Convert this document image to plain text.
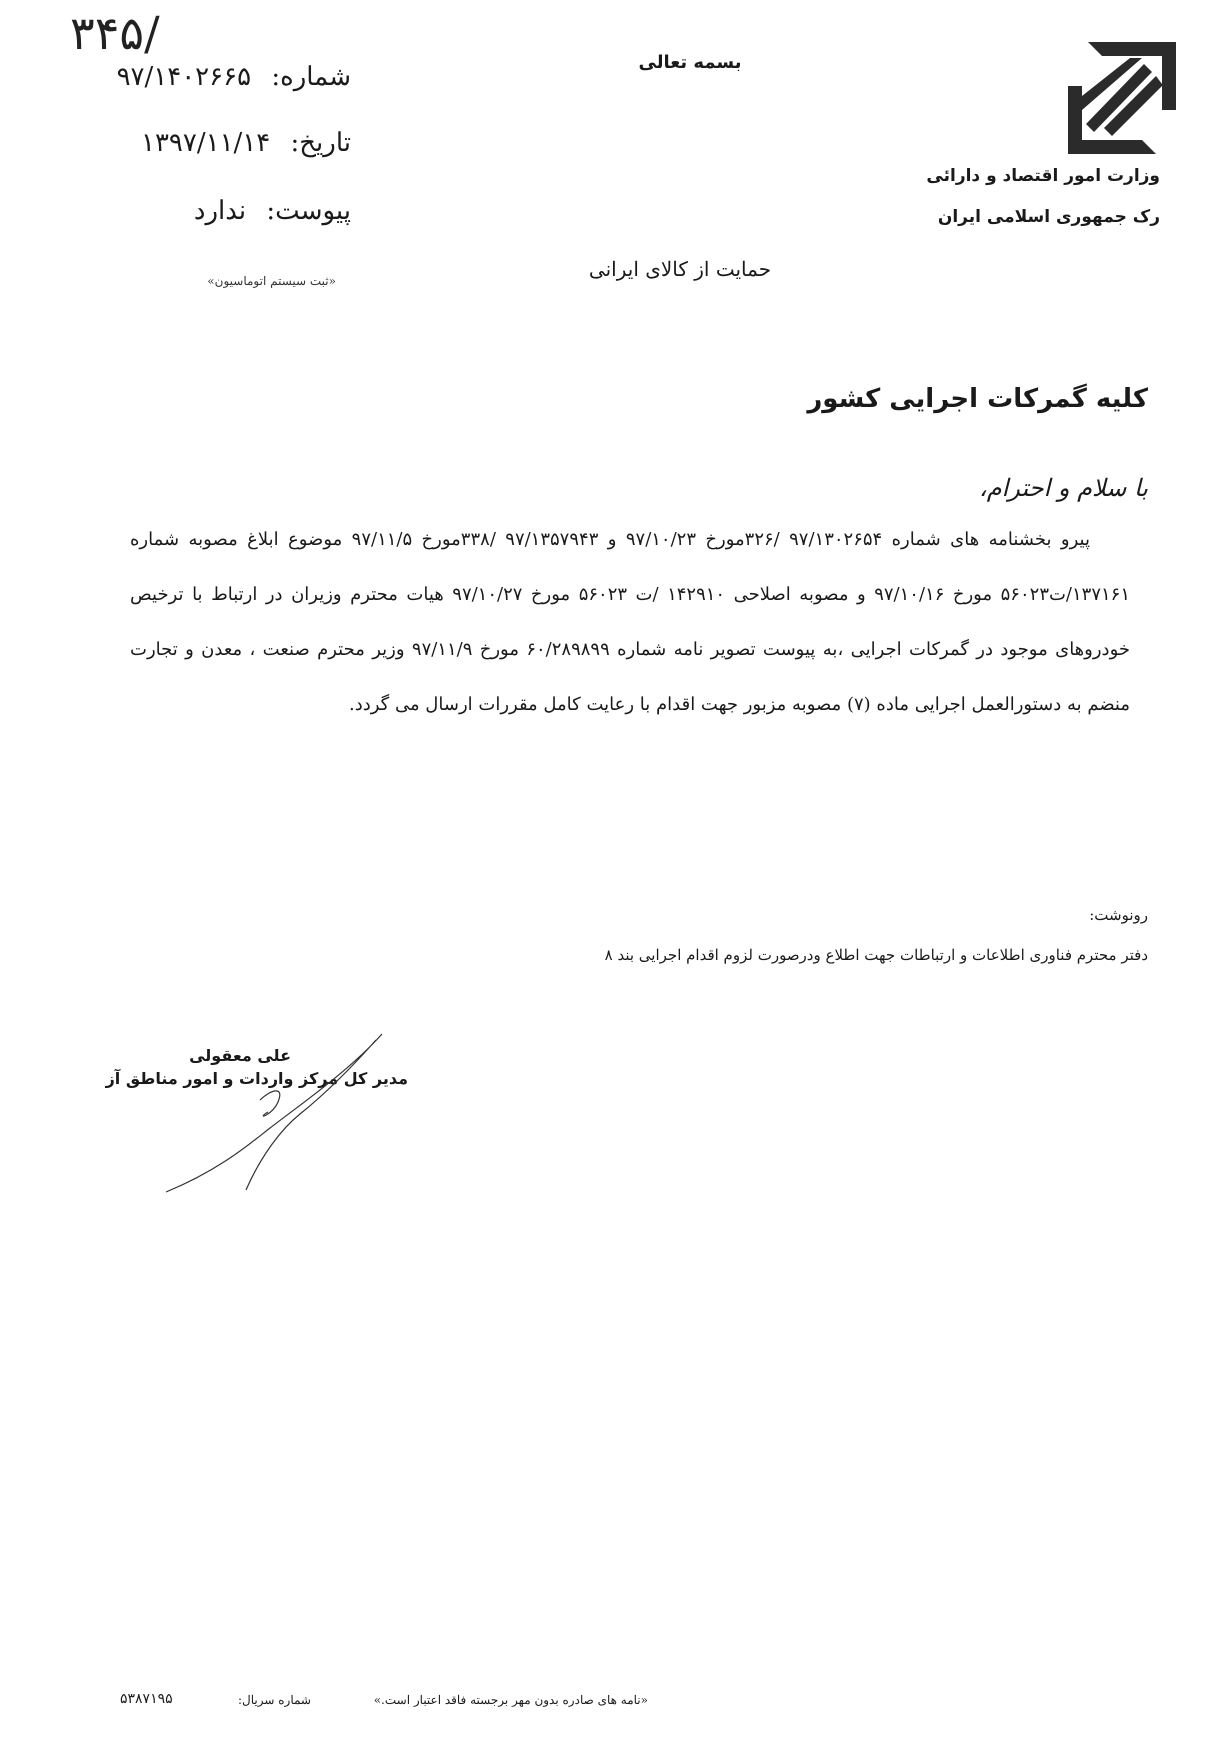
۳۴۵/
شماره: ۹۷/۱۴۰۲۶۶۵
تاریخ: ۱۳۹۷/۱۱/۱۴
پیوست: ندارد
«ثبت سیستم اتوماسیون»
بسمه تعالی
حمایت از کالای ایرانی
وزارت امور اقتصاد و دارائی
رک جمهوری اسلامی ایران
کلیه گمرکات اجرایی کشور
با سلام و احترام،

پیرو بخشنامه های شماره ۹۷/۱۳۰۲۶۵۴ /۳۲۶مورخ ۹۷/۱۰/۲۳ و ۹۷/۱۳۵۷۹۴۳ /۳۳۸مورخ ۹۷/۱۱/۵ موضوع ابلاغ مصوبه شماره ۱۳۷۱۶۱/ت۵۶۰۲۳ مورخ ۹۷/۱۰/۱۶ و مصوبه اصلاحی ۱۴۲۹۱۰ /ت ۵۶۰۲۳ مورخ ۹۷/۱۰/۲۷ هیات محترم وزیران در ارتباط با ترخیص خودروهای موجود در گمرکات اجرایی ،به پیوست تصویر نامه شماره ۶۰/۲۸۹۸۹۹ مورخ ۹۷/۱۱/۹ وزیر محترم صنعت ، معدن و تجارت منضم به دستورالعمل اجرایی ماده (۷) مصوبه مزبور جهت اقدام با رعایت کامل مقررات ارسال می گردد.

رونوشت:
دفتر محترم فناوری اطلاعات و ارتباطات جهت اطلاع ودرصورت لزوم اقدام اجرایی بند ۸
علی معقولی
مدیر کل مرکز واردات و امور مناطق آز
«نامه های صادره بدون مهر برجسته فاقد اعتبار است.»
شماره سریال:
۵۳۸۷۱۹۵
